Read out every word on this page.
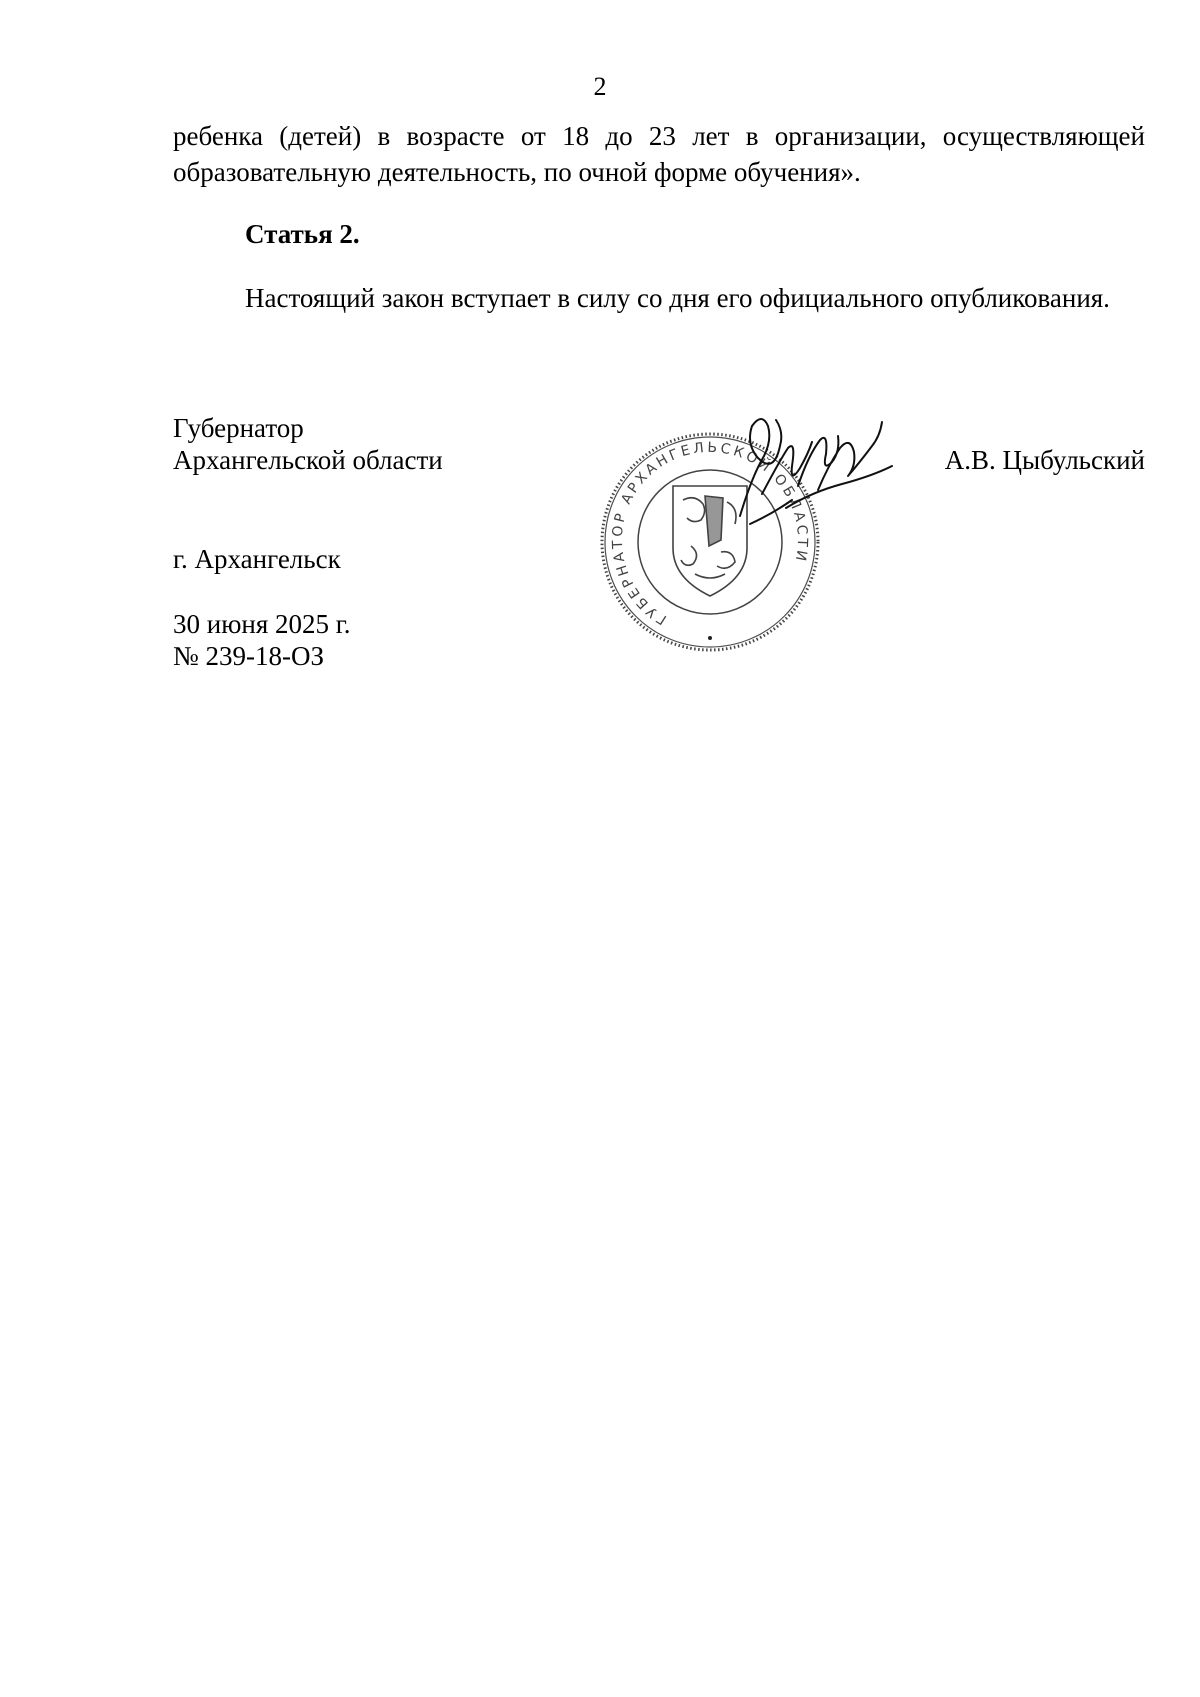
2
ребенка (детей) в возрасте от 18 до 23 лет в организации, осуществляющей образовательную деятельность, по очной форме обучения».
Статья 2.
Настоящий закон вступает в силу со дня его официального опубликования.
Губернатор
Архангельской области	А.В. Цыбульский
г. Архангельск
30 июня 2025 г.
№ 239-18-ОЗ
ГУБЕРНАТОР АРХАНГЕЛЬСКОЙ ОБЛАСТИ
